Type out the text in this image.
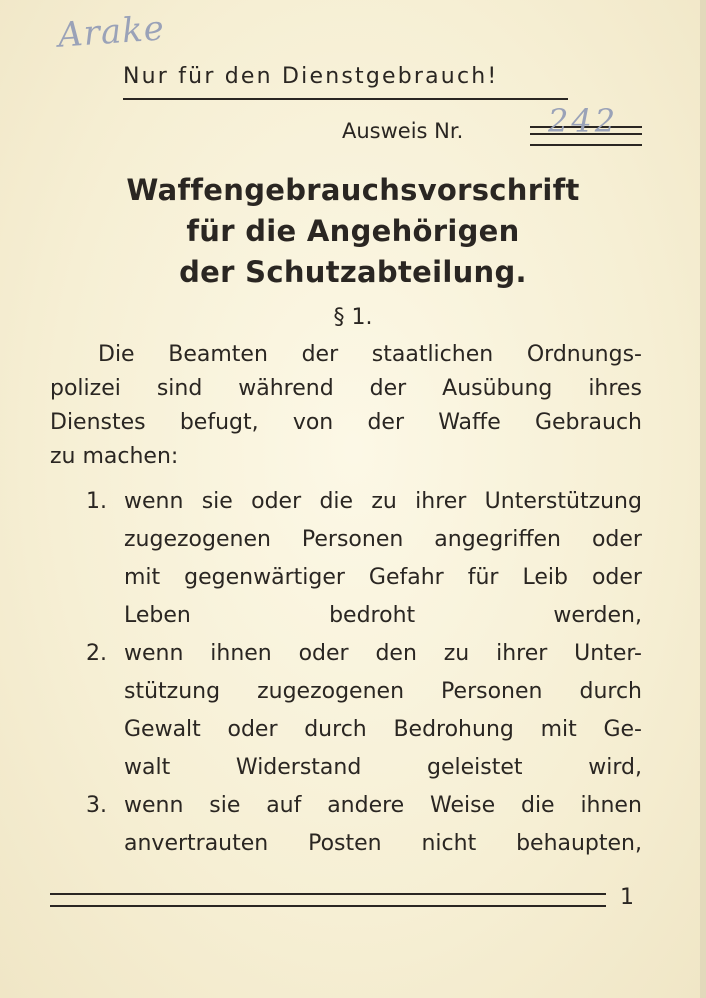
Arake
Nur für den Dienstgebrauch!
Ausweis Nr.	242
Waffengebrauchsvorschrift
für die Angehörigen
der Schutzabteilung.
§ 1.
Die Beamten der staatlichen Ordnungs-
polizei sind während der Ausübung ihres
Dienstes befugt, von der Waffe Gebrauch
zu machen:
1. wenn sie oder die zu ihrer Unterstützung
zugezogenen Personen angegriffen oder
mit gegenwärtiger Gefahr für Leib oder
Leben	bedroht	werden,
2. wenn ihnen oder den zu ihrer Unter-
stützung zugezogenen Personen durch
Gewalt oder durch Bedrohung mit Ge-
walt	Widerstand	geleistet	wird,
3. wenn sie auf andere Weise die ihnen
anvertrauten Posten nicht behaupten,
1
